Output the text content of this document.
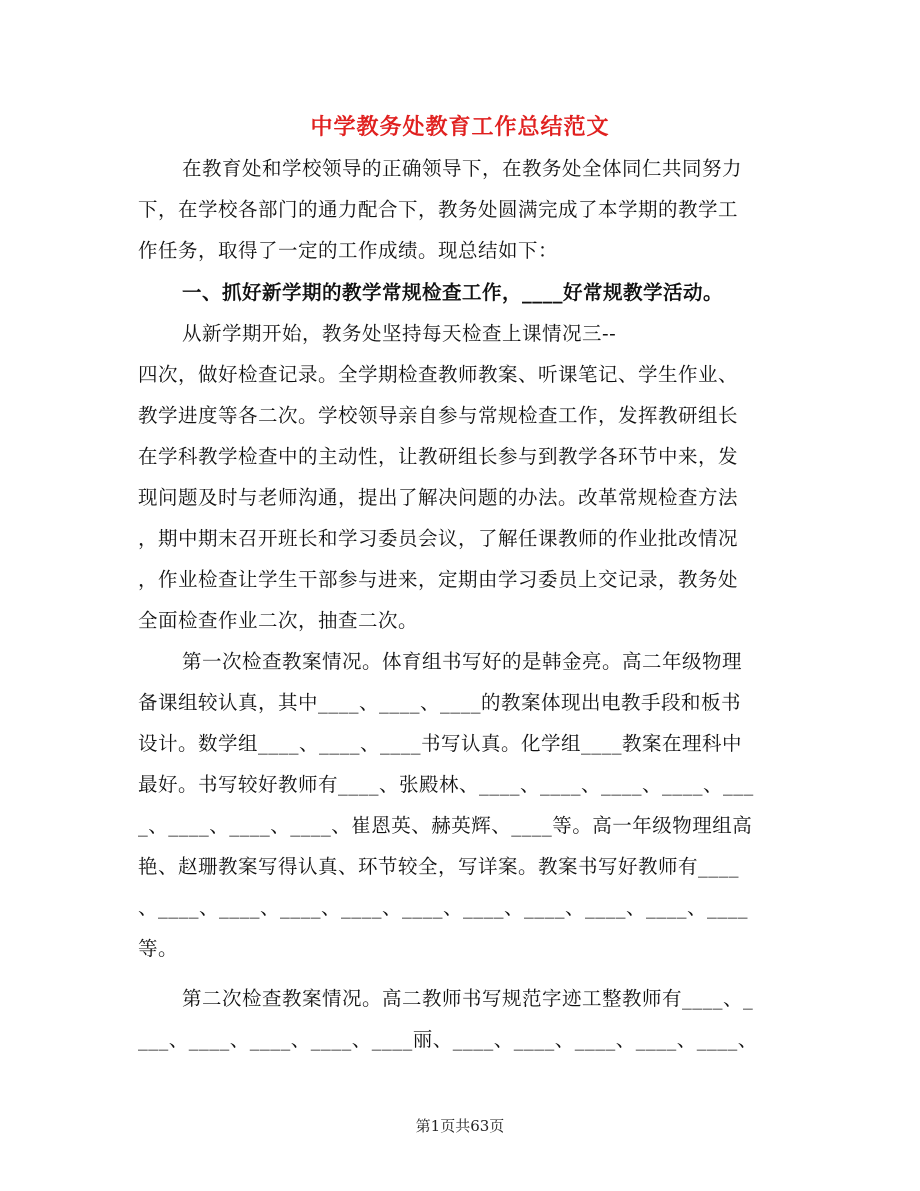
中学教务处教育工作总结范文
在教育处和学校领导的正确领导下，在教务处全体同仁共同努力
下，在学校各部门的通力配合下，教务处圆满完成了本学期的教学工
作任务，取得了一定的工作成绩。现总结如下：
一、抓好新学期的教学常规检查工作，____好常规教学活动。
从新学期开始，教务处坚持每天检查上课情况三--
四次，做好检查记录。全学期检查教师教案、听课笔记、学生作业、
教学进度等各二次。学校领导亲自参与常规检查工作，发挥教研组长
在学科教学检查中的主动性，让教研组长参与到教学各环节中来，发
现问题及时与老师沟通，提出了解决问题的办法。改革常规检查方法
，期中期末召开班长和学习委员会议，了解任课教师的作业批改情况
，作业检查让学生干部参与进来，定期由学习委员上交记录，教务处
全面检查作业二次，抽查二次。
第一次检查教案情况。体育组书写好的是韩金亮。高二年级物理
备课组较认真，其中____、____、____的教案体现出电教手段和板书
设计。数学组____、____、____书写认真。化学组____教案在理科中
最好。书写较好教师有____、张殿林、____、____、____、____、___
_、____、____、____、崔恩英、赫英辉、____等。高一年级物理组高
艳、赵珊教案写得认真、环节较全，写详案。教案书写好教师有____
、____、____、____、____、____、____、____、____、____、____
等。
第二次检查教案情况。高二教师书写规范字迹工整教师有____、_
___、____、____、____、____丽、____、____、____、____、____、
第1页共63页
